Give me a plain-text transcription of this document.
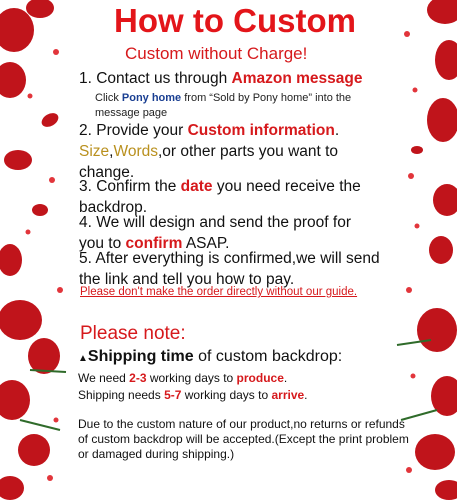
How to Custom
Custom without Charge!
1. Contact us through Amazon message
Click Pony home from “Sold by Pony home” into the message page
2. Provide your Custom information.
Size,Words,or other parts you want to change.
3. Confirm the date you need receive the backdrop.
4. We will design and send the proof for you to confirm ASAP.
5. After everything is confirmed,we will send the link and tell you how to pay.
Please don't make the order directly without our guide.
Please note:
▲Shipping time of custom backdrop:
We need 2-3 working days to produce.
Shipping needs 5-7 working days to arrive.
Due to the custom nature of our product,no returns or refunds of custom backdrop will be accepted.(Except the print problem or damaged during shipping.)
